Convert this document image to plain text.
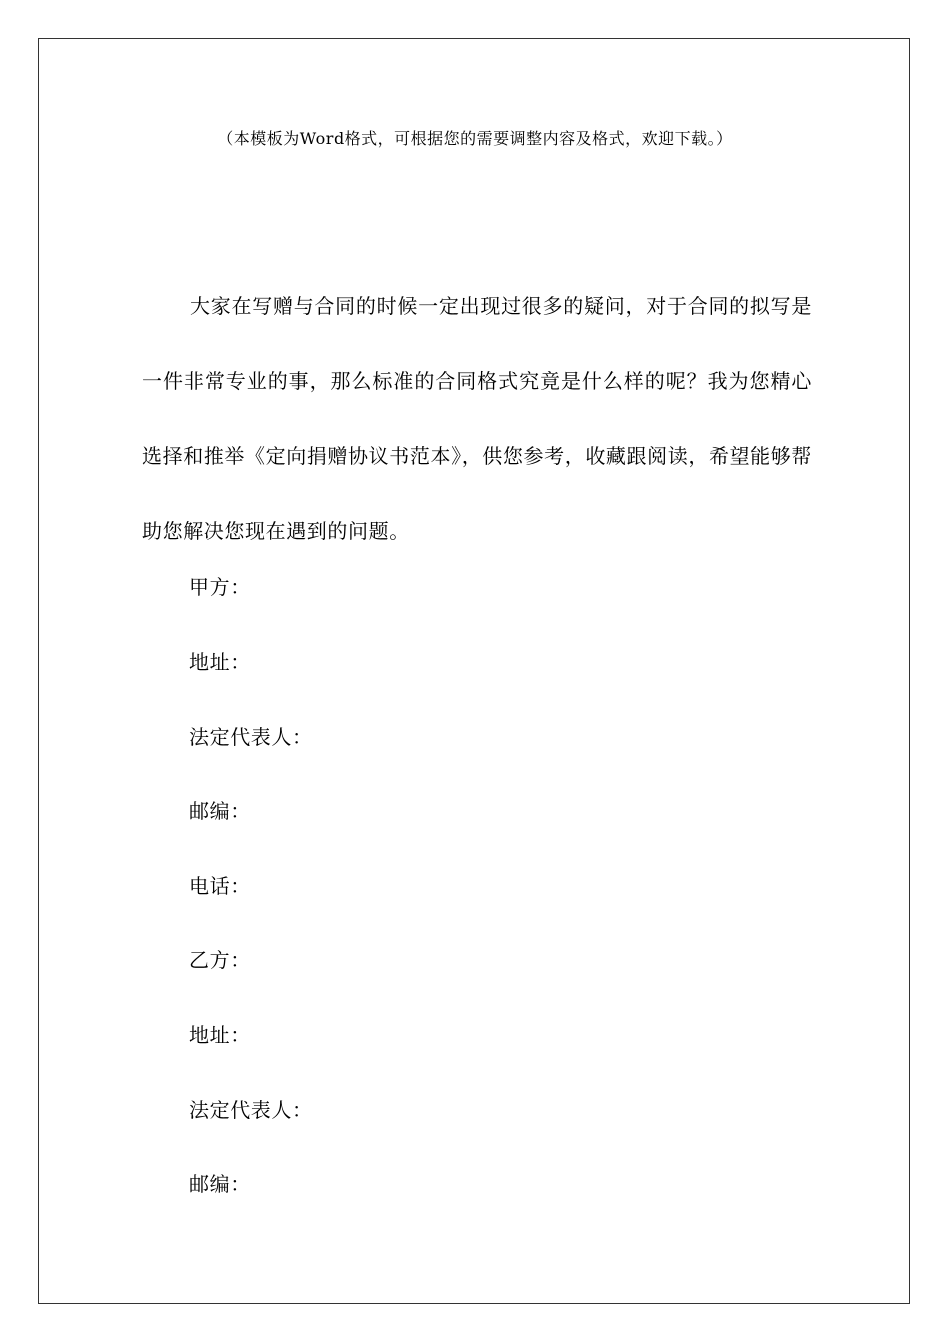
（本模板为Word格式，可根据您的需要调整内容及格式，欢迎下载。）

大家在写赠与合同的时候一定出现过很多的疑问，对于合同的拟写是一件非常专业的事，那么标准的合同格式究竟是什么样的呢？我为您精心选择和推举《定向捐赠协议书范本》，供您参考，收藏跟阅读，希望能够帮助您解决您现在遇到的问题。

甲方：
地址：
法定代表人：
邮编：
电话：
乙方：
地址：
法定代表人：
邮编：
